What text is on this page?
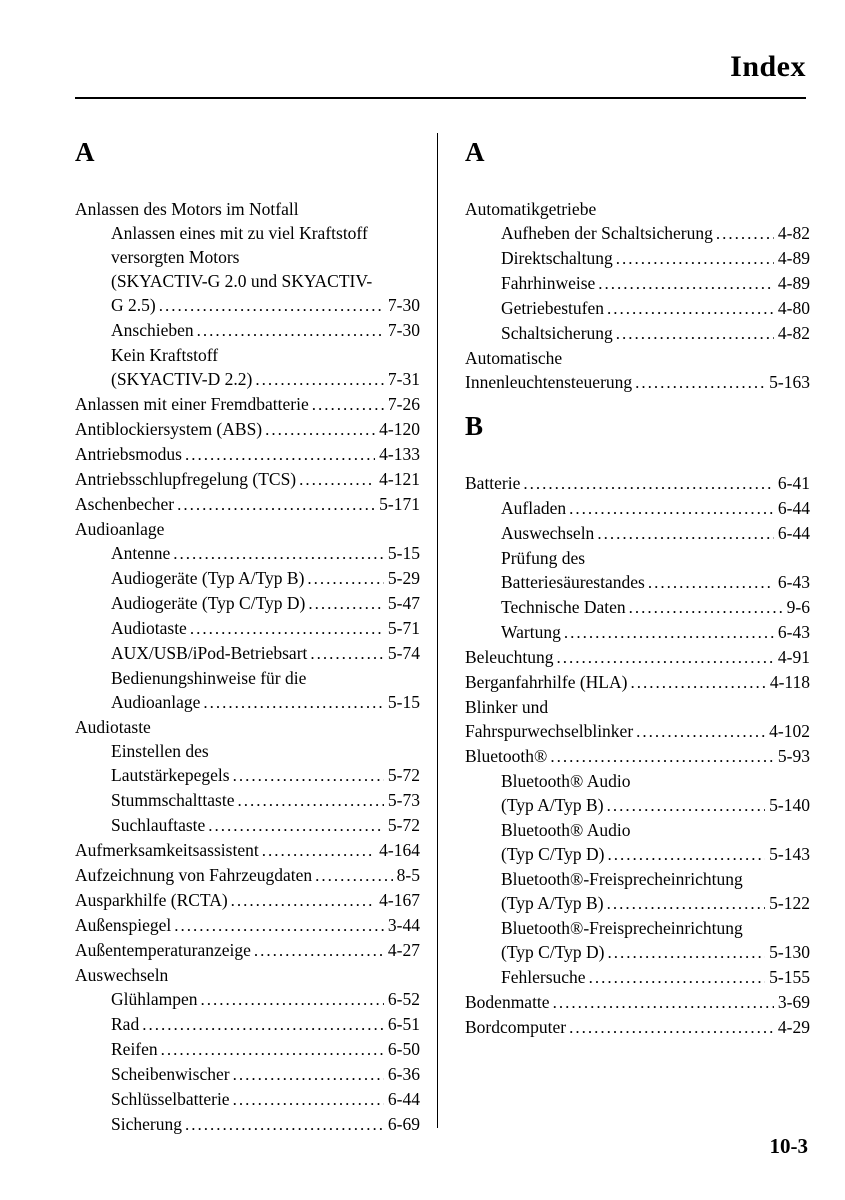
Index
A
Anlassen des Motors im Notfall
Anlassen eines mit zu viel Kraftstoff
versorgten Motors
(SKYACTIV-G 2.0 und SKYACTIV-
G 2.5) .....	7-30
Anschieben .....	7-30
Kein Kraftstoff
(SKYACTIV-D 2.2) .....	7-31
Anlassen mit einer Fremdbatterie .....	7-26
Antiblockiersystem (ABS) .....	4-120
Antriebsmodus .....	4-133
Antriebsschlupfregelung (TCS) .....	4-121
Aschenbecher .....	5-171
Audioanlage
Antenne .....	5-15
Audiogeräte (Typ A/Typ B) .....	5-29
Audiogeräte (Typ C/Typ D) .....	5-47
Audiotaste .....	5-71
AUX/USB/iPod-Betriebsart .....	5-74
Bedienungshinweise für die
Audioanlage .....	5-15
Audiotaste
Einstellen des
Lautstärkepegels .....	5-72
Stummschalttaste .....	5-73
Suchlauftaste .....	5-72
Aufmerksamkeitsassistent .....	4-164
Aufzeichnung von Fahrzeugdaten .....	8-5
Ausparkhilfe (RCTA) .....	4-167
Außenspiegel .....	3-44
Außentemperaturanzeige .....	4-27
Auswechseln
Glühlampen .....	6-52
Rad .....	6-51
Reifen .....	6-50
Scheibenwischer .....	6-36
Schlüsselbatterie .....	6-44
Sicherung .....	6-69
A
Automatikgetriebe
Aufheben der Schaltsicherung .....	4-82
Direktschaltung .....	4-89
Fahrhinweise .....	4-89
Getriebestufen .....	4-80
Schaltsicherung .....	4-82
Automatische
Innenleuchtensteuerung .....	5-163
B
Batterie .....	6-41
Aufladen .....	6-44
Auswechseln .....	6-44
Prüfung des
Batteriesäurestandes .....	6-43
Technische Daten .....	9-6
Wartung .....	6-43
Beleuchtung .....	4-91
Berganfahrhilfe (HLA) .....	4-118
Blinker und
Fahrspurwechselblinker .....	4-102
Bluetooth® .....	5-93
Bluetooth® Audio
(Typ A/Typ B) .....	5-140
Bluetooth® Audio
(Typ C/Typ D) .....	5-143
Bluetooth®-Freisprecheinrichtung
(Typ A/Typ B) .....	5-122
Bluetooth®-Freisprecheinrichtung
(Typ C/Typ D) .....	5-130
Fehlersuche .....	5-155
Bodenmatte .....	3-69
Bordcomputer .....	4-29
10-3
